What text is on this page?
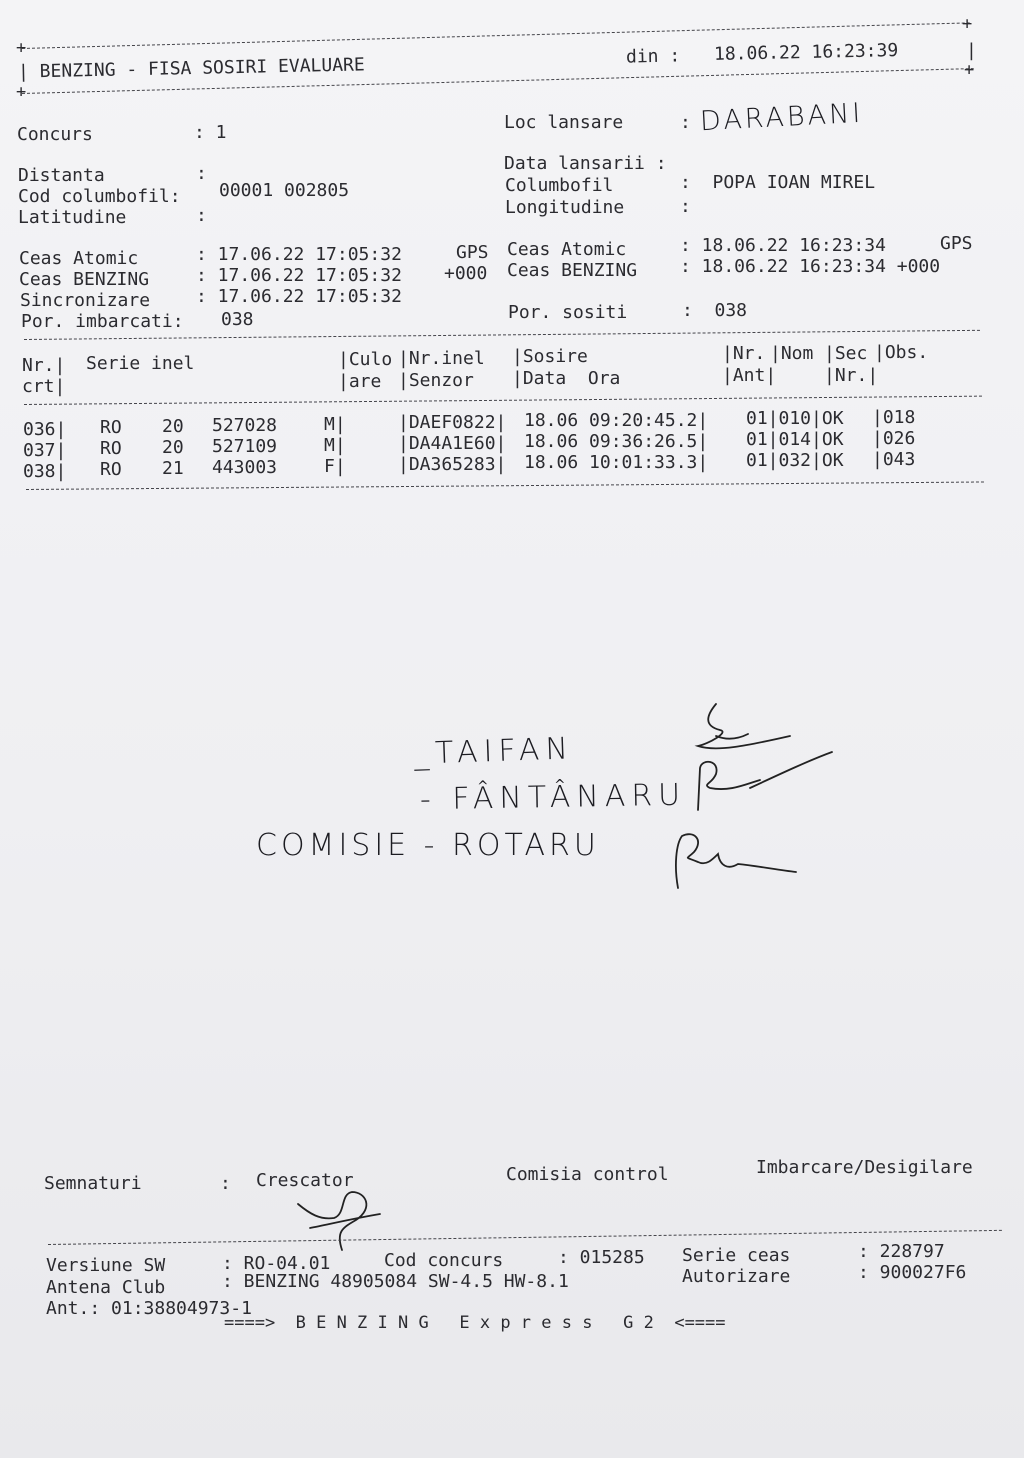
+
+
+
+
| BENZING - FISA SOSIRI EVALUARE	din : 18.06.22 16:23:39	|
Concurs	: 1
Distanta	:
Cod columbofil: 00001 002805
Latitudine	:
Ceas Atomic	: 17.06.22 17:05:32	GPS
Ceas BENZING	: 17.06.22 17:05:32 +000
Sincronizare	: 17.06.22 17:05:32
Por. imbarcati: 038
Loc lansare	: DARABANI
Data lansarii :
Columbofil	:  POPA IOAN MIREL
Longitudine	:
Ceas Atomic	: 18.06.22 16:23:34	GPS
Ceas BENZING : 18.06.22 16:23:34 +000
Por. sositi	:  038
Nr.| Serie inel	|Culo |Nr.inel |Sosire	|Nr. |Nom |Sec |Obs.
crt|	|are |Senzor |Data  Ora	|Ant|	|Nr.|
036| RO 20 527028	M|	|DAEF0822| 18.06 09:20:45.2| 01|010|OK |018
037| RO 20 527109	M|	|DA4A1E60| 18.06 09:36:26.5| 01|014|OK |026
038| RO 21 443003	F|	|DA365283| 18.06 10:01:33.3| 01|032|OK |043
_TAIFAN
- FÂNTÂNARU
COMISIE - ROTARU
Semnaturi	: Crescator	Comisia control	Imbarcare/Desigilare
Versiune SW	: RO-04.01	Cod concurs	: 015285 Serie ceas	: 228797
Antena Club	: BENZING 48905084 SW-4.5 HW-8.1	Autorizare	: 900027F6
Ant.: 01:38804973-1
====>  B E N Z I N G   E x p r e s s   G 2  <====
